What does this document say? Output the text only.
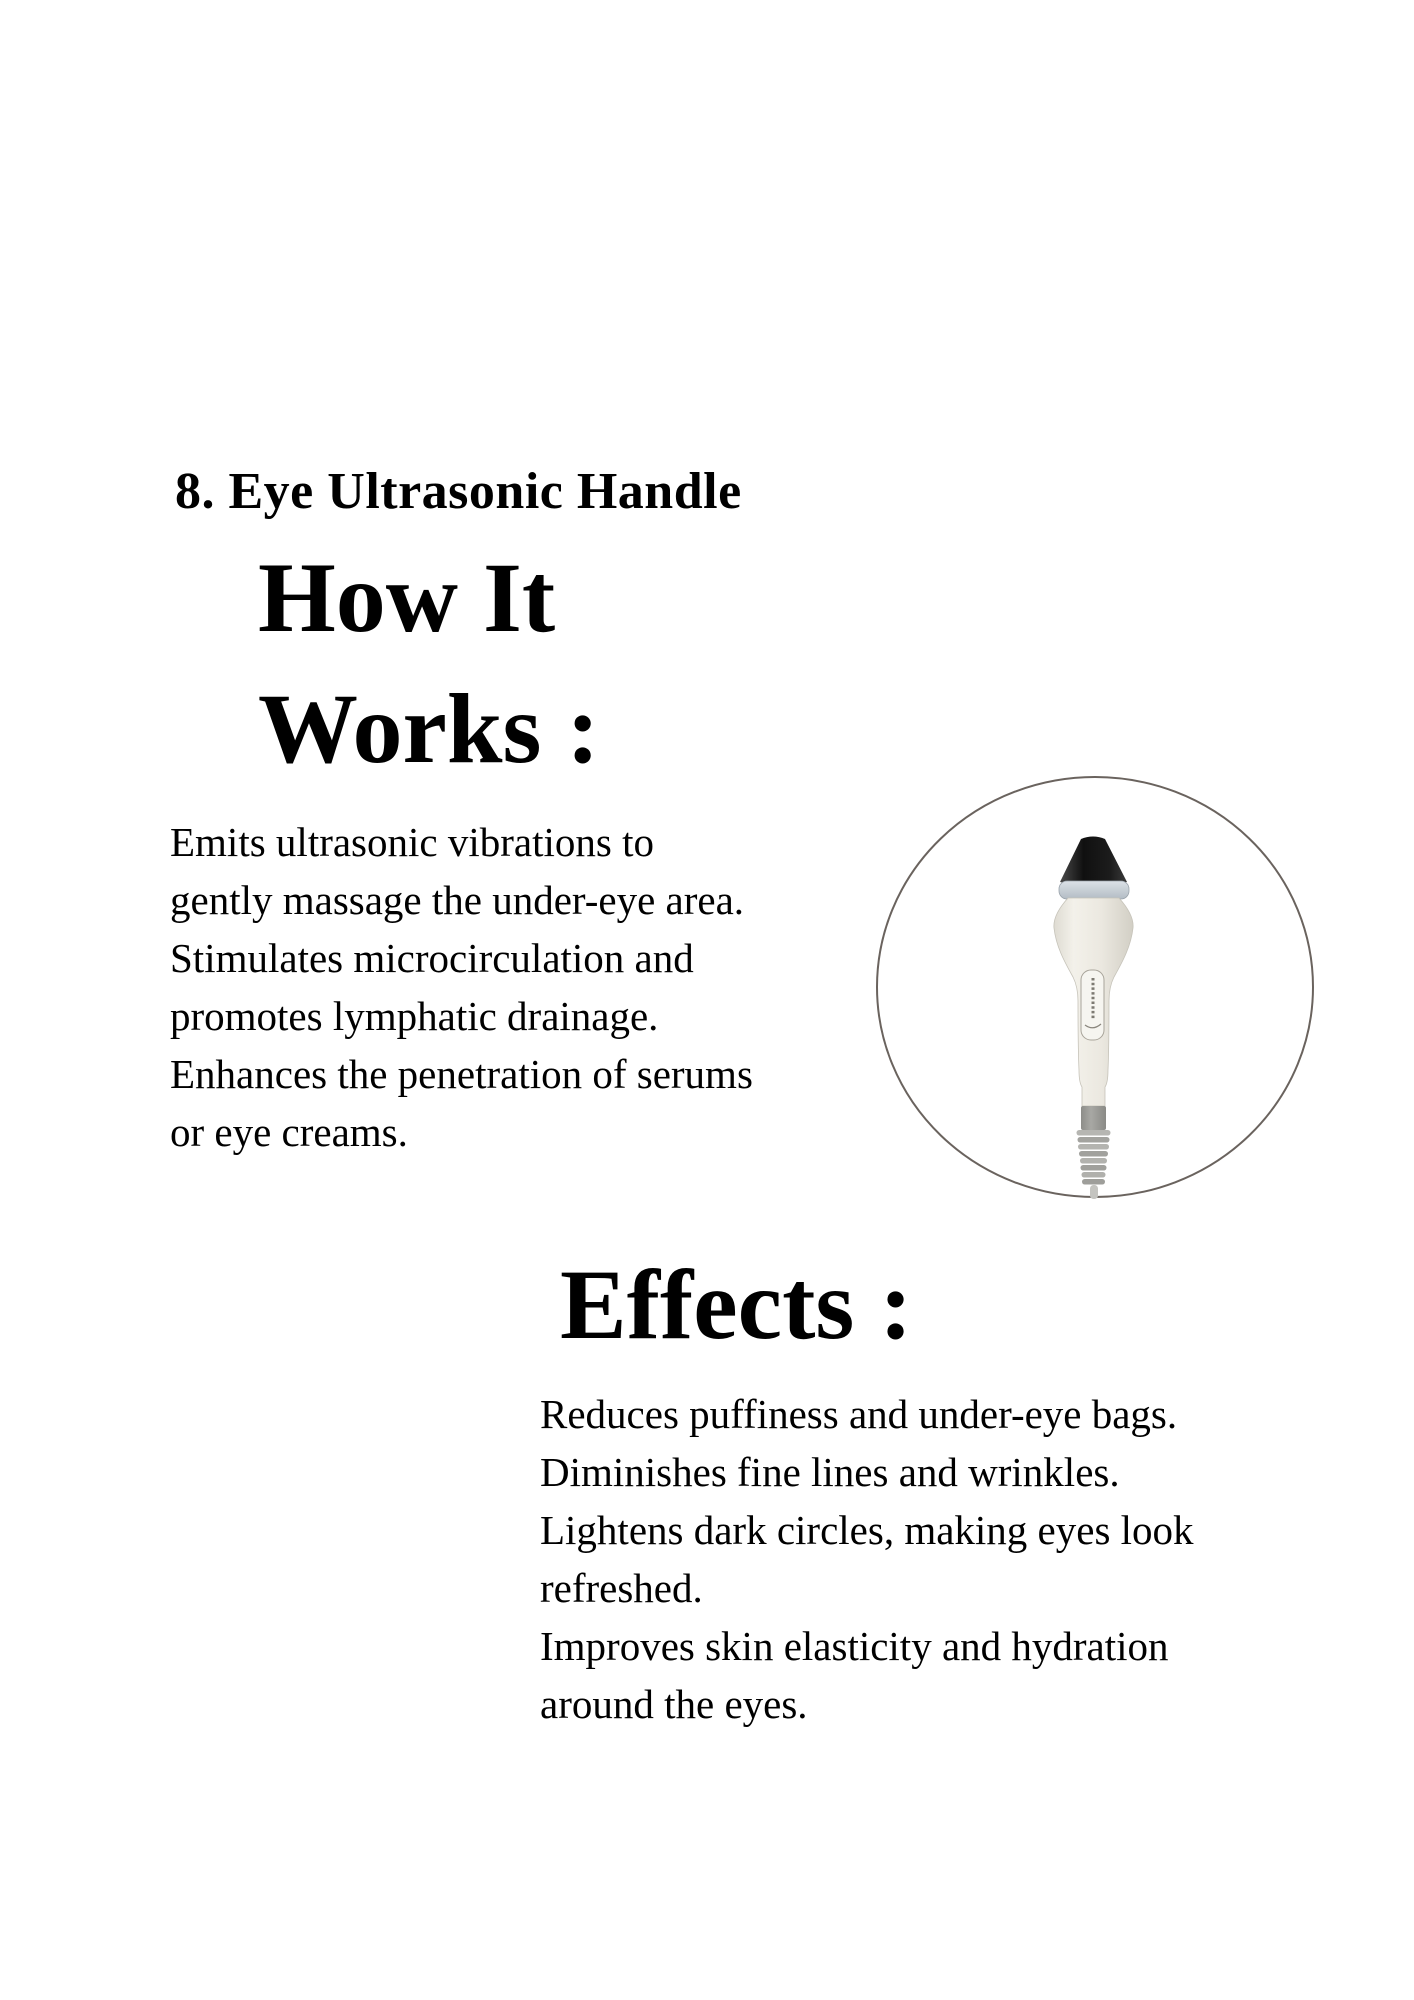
8. Eye Ultrasonic Handle
How It
Works :
Emits ultrasonic vibrations to
gently massage the under-eye area.
Stimulates microcirculation and
promotes lymphatic drainage.
Enhances the penetration of serums
or eye creams.
Effects :
Reduces puffiness and under-eye bags.
Diminishes fine lines and wrinkles.
Lightens dark circles, making eyes look
refreshed.
Improves skin elasticity and hydration
around the eyes.
